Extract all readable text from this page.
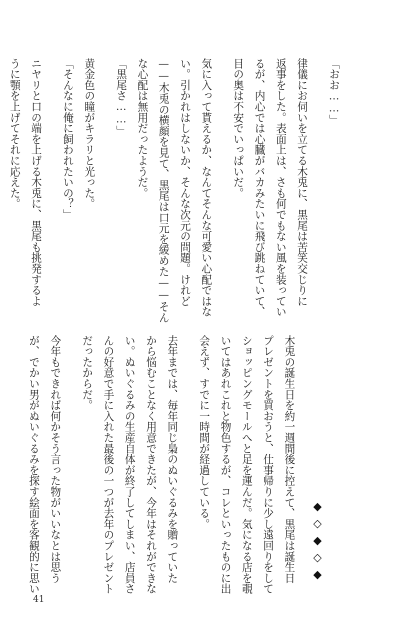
「おお……」
律儀にお伺いを立てる木兎に、黒尾は苦笑交じりに
返事をした。表面上は、さも何でもない風を装ってい
るが、内心では心臓がバカみたいに飛び跳ねていて、
目の奥は不安でいっぱいだ。
気に入って貰えるか、なんてそんな可愛い心配ではな
い。引かれはしないか、そんな次元の問題。けれど
——木兎の横顔を見て、黒尾は口元を緩めた——そん
な心配は無用だったようだ。
「黒尾さ……」
黄金色の瞳がキラリと光った。
「そんなに俺に飼われたいの？」
ニヤリと口の端を上げる木兎に、黒尾も挑発するよ
うに顎を上げてそれに応えた。
◆◇◆◇◆
木兎の誕生日を約一週間後に控えて、黒尾は誕生日
プレゼントを買おうと、仕事帰りに少し遠回りをして
ショッピングモールへと足を運んだ。気になる店を覗
いてはあれこれと物色するが、コレといったものに出
会えず、すでに一時間が経過している。
去年までは、毎年同じ梟のぬいぐるみを贈っていた
から悩むことなく用意できたが、今年はそれができな
い。ぬいぐるみの生産自体が終了してしまい、店員さ
んの好意で手に入れた最後の一つが去年のプレゼント
だったからだ。
今年もできれば何かそう言った物がいいなとは思う
が、でかい男がぬいぐるみを探す絵面を客観的に思い
41
